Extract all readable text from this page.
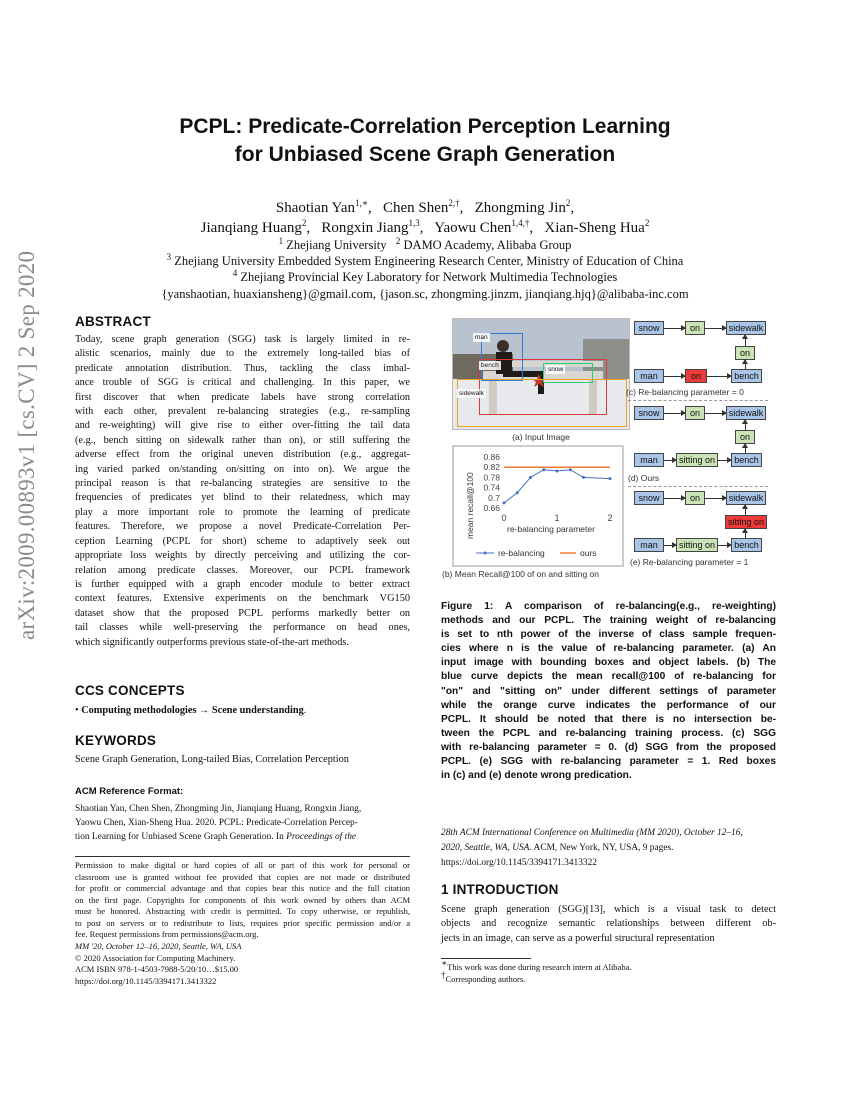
arXiv:2009.00893v1 [cs.CV] 2 Sep 2020
PCPL: Predicate-Correlation Perception Learning
for Unbiased Scene Graph Generation
Shaotian Yan$^{1,∗}$,   Chen Shen$^{2,\dagger}$,   Zhongming Jin$^2$,
Jianqiang Huang$^2$,   Rongxin Jiang$^{1,3}$,   Yaowu Chen$^{1,4,\dagger}$,   Xian-Sheng Hua$^2$
$^1$ Zhejiang University $^2$ DAMO Academy, Alibaba Group
$^3$ Zhejiang University Embedded System Engineering Research Center, Ministry of Education of China
$^4$ Zhejiang Provincial Key Laboratory for Network Multimedia Technologies
{yanshaotian, huaxiansheng}@gmail.com, {jason.sc, zhongming.jinzm, jianqiang.hjq}@alibaba-inc.com
ABSTRACT
Today, scene graph generation (SGG) task is largely limited in re-
alistic scenarios, mainly due to the extremely long-tailed bias of
predicate annotation distribution. Thus, tackling the class imbal-
ance trouble of SGG is critical and challenging. In this paper, we
first discover that when predicate labels have strong correlation
with each other, prevalent re-balancing strategies (e.g., re-sampling
and re-weighting) will give rise to either over-fitting the tail data
(e.g., bench sitting on sidewalk rather than on), or still suffering the
adverse effect from the original uneven distribution (e.g., aggregat-
ing varied parked on/standing on/sitting on into on). We argue the
principal reason is that re-balancing strategies are sensitive to the
frequencies of predicates yet blind to their relatedness, which may
play a more important role to promote the learning of predicate
features. Therefore, we propose a novel Predicate-Correlation Per-
ception Learning (PCPL for short) scheme to adaptively seek out
appropriate loss weights by directly perceiving and utilizing the cor-
relation among predicate classes. Moreover, our PCPL framework
is further equipped with a graph encoder module to better extract
context features. Extensive experiments on the benchmark VG150
dataset show that the proposed PCPL performs markedly better on
tail classes while well-preserving the performance on head ones,
which significantly outperforms previous state-of-the-art methods.
CCS CONCEPTS
• Computing methodologies → Scene understanding.
KEYWORDS
Scene Graph Generation, Long-tailed Bias, Correlation Perception
ACM Reference Format:
Shaotian Yan, Chen Shen, Zhongming Jin, Jianqiang Huang, Rongxin Jiang,
Yaowu Chen, Xian-Sheng Hua. 2020. PCPL: Predicate-Correlation Percep-
tion Learning for Unbiased Scene Graph Generation. In Proceedings of the
Permission to make digital or hard copies of all or part of this work for personal or
classroom use is granted without fee provided that copies are not made or distributed
for profit or commercial advantage and that copies bear this notice and the full citation
on the first page. Copyrights for components of this work owned by others than ACM
must be honored. Abstracting with credit is permitted. To copy otherwise, or republish,
to post on servers or to redistribute to lists, requires prior specific permission and/or a
fee. Request permissions from permissions@acm.org.
MM '20, October 12–16, 2020, Seattle, WA, USA
© 2020 Association for Computing Machinery.
ACM ISBN 978-1-4503-7988-5/20/10…$15.00
https://doi.org/10.1145/3394171.3413322
man
bench
snow
sidewalk
(a) Input Image
mean recall@100
0.86
0.82
0.78
0.74
0.7
0.66
0	1	2
re-balancing parameter
re-balancing	ours
(b) Mean Recall@100 of on and sitting on
snow	on	sidewalk
on
man	on	bench
(c) Re-balancing parameter = 0
snow	on	sidewalk
on
man	sitting on	bench
(d) Ours
snow	on	sidewalk
sitting on
man	sitting on	bench
(e) Re-balancing parameter = 1
Figure 1: A comparison of re-balancing(e.g., re-weighting)
methods and our PCPL. The training weight of re-balancing
is set to nth power of the inverse of class sample frequen-
cies where n is the value of re-balancing parameter. (a) An
input image with bounding boxes and object labels. (b) The
blue curve depicts the mean recall@100 of re-balancing for
"on" and "sitting on" under different settings of parameter
while the orange curve indicates the performance of our
PCPL. It should be noted that there is no intersection be-
tween the PCPL and re-balancing training process. (c) SGG
with re-balancing parameter = 0. (d) SGG from the proposed
PCPL. (e) SGG with re-balancing parameter = 1. Red boxes
in (c) and (e) denote wrong predication.
28th ACM International Conference on Multimedia (MM 2020), October 12–16,
2020, Seattle, WA, USA. ACM, New York, NY, USA, 9 pages.
https://doi.org/10.1145/3394171.3413322
1 INTRODUCTION
Scene graph generation (SGG)[13], which is a visual task to detect
objects and recognize semantic relationships between different ob-
jects in an image, can serve as a powerful structural representation
∗This work was done during research intern at Alibaba.
†Corresponding authors.
